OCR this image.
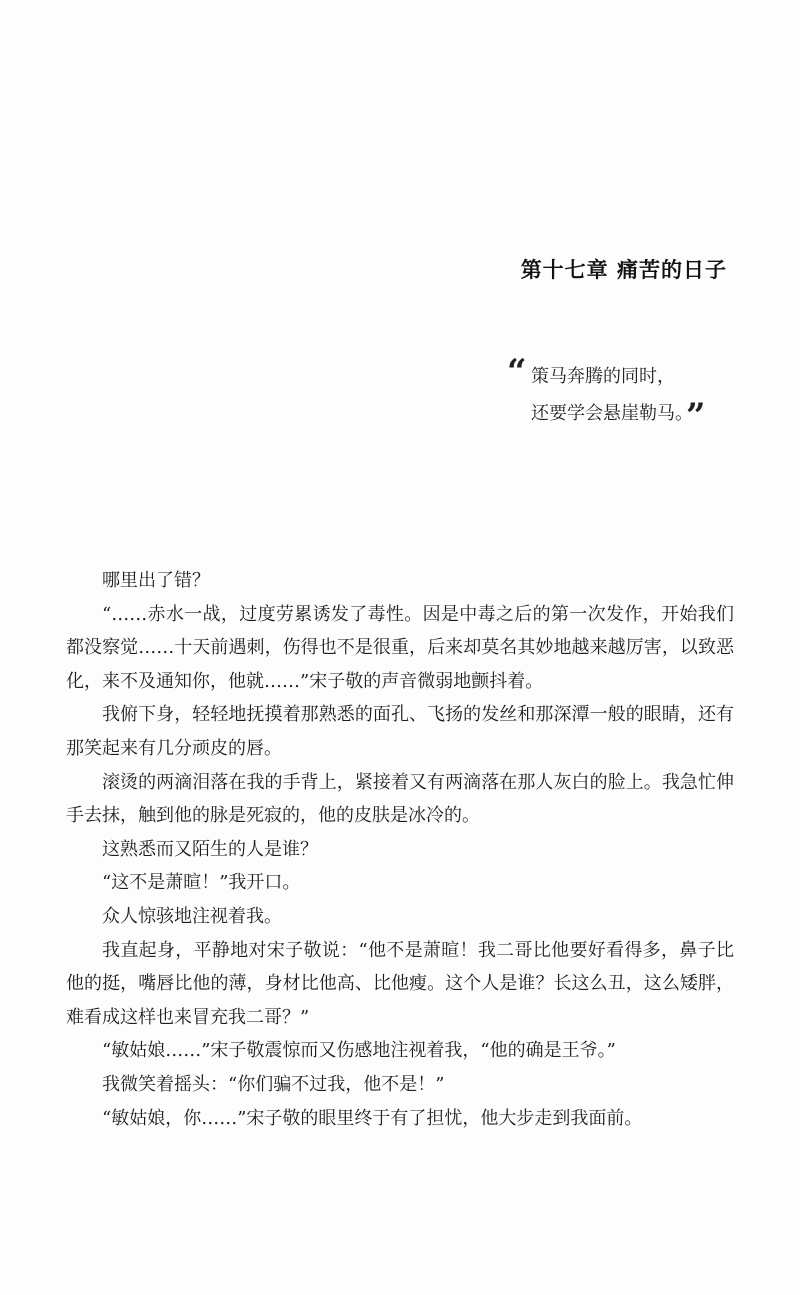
第十七章 痛苦的日子
“ 策马奔腾的同时，
还要学会悬崖勒马。”

哪里出了错？

“……赤水一战，过度劳累诱发了毒性。因是中毒之后的第一次发作，开始我们都没察觉……十天前遇刺，伤得也不是很重，后来却莫名其妙地越来越厉害，以致恶化，来不及通知你，他就……”宋子敬的声音微弱地颤抖着。

我俯下身，轻轻地抚摸着那熟悉的面孔、飞扬的发丝和那深潭一般的眼睛，还有那笑起来有几分顽皮的唇。

滚烫的两滴泪落在我的手背上，紧接着又有两滴落在那人灰白的脸上。我急忙伸手去抹，触到他的脉是死寂的，他的皮肤是冰冷的。

这熟悉而又陌生的人是谁？

“这不是萧暄！”我开口。

众人惊骇地注视着我。

我直起身，平静地对宋子敬说：“他不是萧暄！我二哥比他要好看得多，鼻子比他的挺，嘴唇比他的薄，身材比他高、比他瘦。这个人是谁？长这么丑，这么矮胖，难看成这样也来冒充我二哥？”

“敏姑娘……”宋子敬震惊而又伤感地注视着我，“他的确是王爷。”

我微笑着摇头：“你们骗不过我，他不是！”

“敏姑娘，你……”宋子敬的眼里终于有了担忧，他大步走到我面前。
